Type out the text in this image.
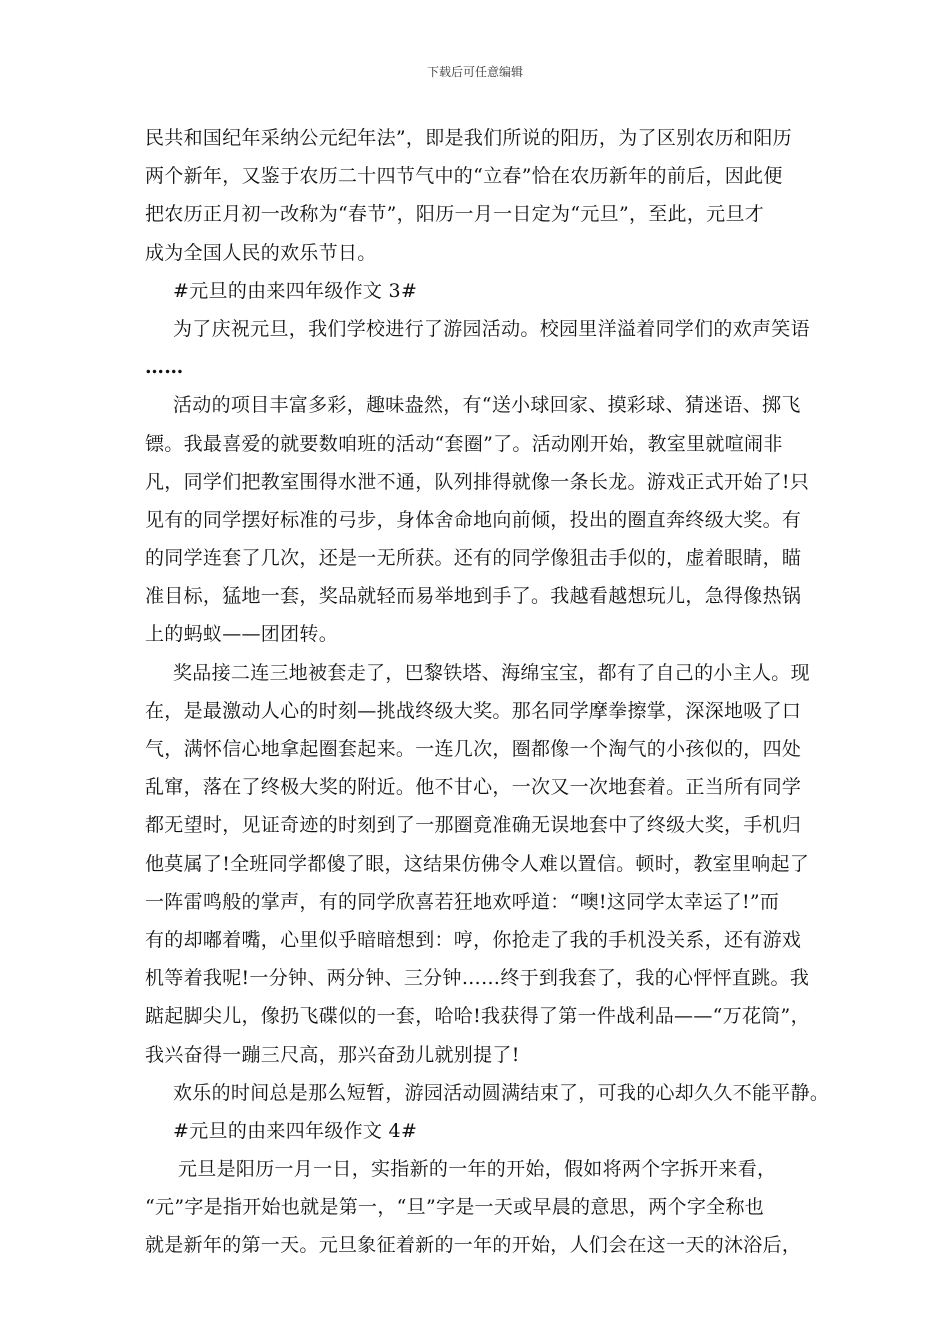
下载后可任意编辑
民共和国纪年采纳公元纪年法”，即是我们所说的阳历，为了区别农历和阳历
两个新年，又鉴于农历二十四节气中的“立春”恰在农历新年的前后，因此便
把农历正月初一改称为“春节”，阳历一月一日定为“元旦”，至此，元旦才
成为全国人民的欢乐节日。
#元旦的由来四年级作文 3#
为了庆祝元旦，我们学校进行了游园活动。校园里洋溢着同学们的欢声笑语
……
活动的项目丰富多彩，趣味盎然，有“送小球回家、摸彩球、猜迷语、掷飞
镖。我最喜爱的就要数咱班的活动“套圈”了。活动刚开始，教室里就喧闹非
凡，同学们把教室围得水泄不通，队列排得就像一条长龙。游戏正式开始了!只
见有的同学摆好标准的弓步，身体舍命地向前倾，投出的圈直奔终级大奖。有
的同学连套了几次，还是一无所获。还有的同学像狙击手似的，虚着眼睛，瞄
准目标，猛地一套，奖品就轻而易举地到手了。我越看越想玩儿，急得像热锅
上的蚂蚁——团团转。
奖品接二连三地被套走了，巴黎铁塔、海绵宝宝，都有了自己的小主人。现
在，是最激动人心的时刻—挑战终级大奖。那名同学摩拳擦掌，深深地吸了口
气，满怀信心地拿起圈套起来。一连几次，圈都像一个淘气的小孩似的，四处
乱窜，落在了终极大奖的附近。他不甘心，一次又一次地套着。正当所有同学
都无望时，见证奇迹的时刻到了一那圈竟准确无误地套中了终级大奖，手机归
他莫属了!全班同学都傻了眼，这结果仿佛令人难以置信。顿时，教室里响起了
一阵雷鸣般的掌声，有的同学欣喜若狂地欢呼道：“噢!这同学太幸运了!”而
有的却嘟着嘴，心里似乎暗暗想到：哼，你抢走了我的手机没关系，还有游戏
机等着我呢!一分钟、两分钟、三分钟……终于到我套了，我的心怦怦直跳。我
踮起脚尖儿，像扔飞碟似的一套，哈哈!我获得了第一件战利品——“万花筒”，
我兴奋得一蹦三尺高，那兴奋劲儿就别提了!
欢乐的时间总是那么短暂，游园活动圆满结束了，可我的心却久久不能平静。
#元旦的由来四年级作文 4#
元旦是阳历一月一日，实指新的一年的开始，假如将两个字拆开来看，
“元”字是指开始也就是第一，“旦”字是一天或早晨的意思，两个字全称也
就是新年的第一天。元旦象征着新的一年的开始，人们会在这一天的沐浴后，
